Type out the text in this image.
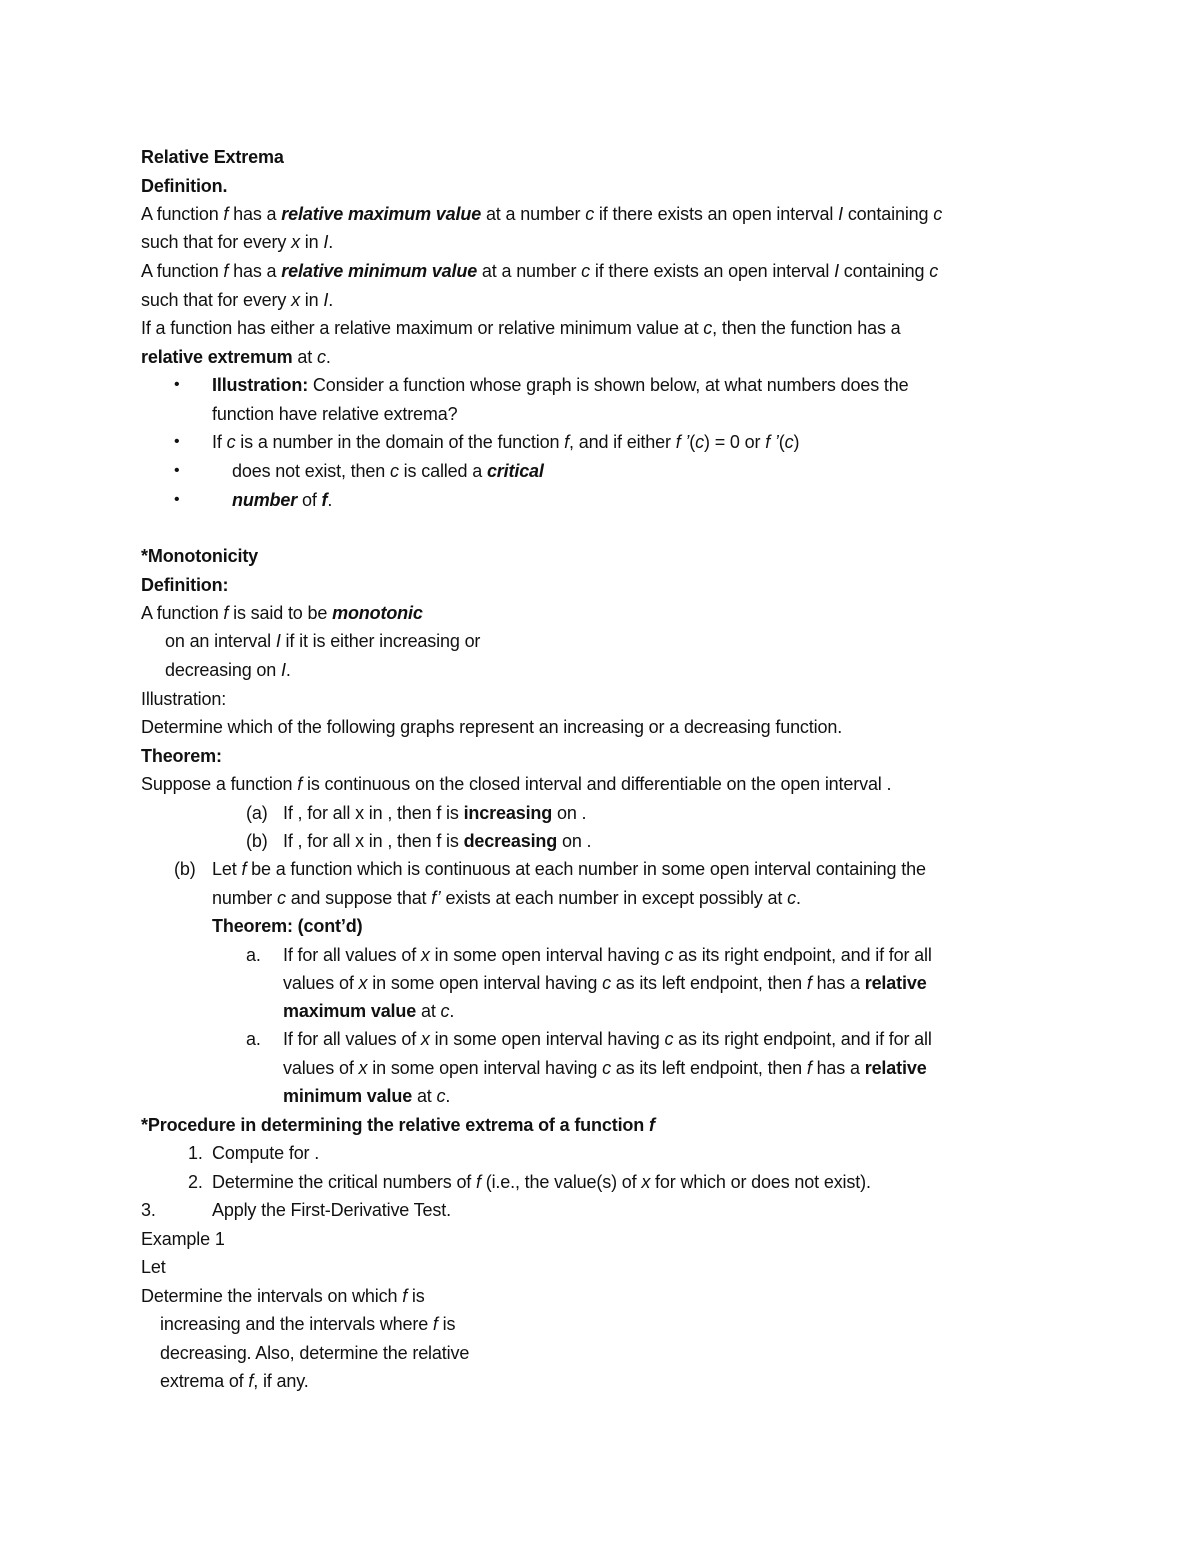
Relative Extrema
Definition.
A function f has a relative maximum value at a number c if there exists an open interval I containing c
such that for every x in I.
A function f has a relative minimum value at a number c if there exists an open interval I containing c
such that for every x in I.
If a function has either a relative maximum or relative minimum value at c, then the function has a
relative extremum at c.
• Illustration: Consider a function whose graph is shown below, at what numbers does the
function have relative extrema?
• If c is a number in the domain of the function f, and if either f ’(c) = 0 or f ’(c)
•	does not exist, then c is called a critical
•	number of f.
*Monotonicity
Definition:
A function f is said to be monotonic
on an interval I if it is either increasing or
decreasing on I.
Illustration:
Determine which of the following graphs represent an increasing or a decreasing function.
Theorem:
Suppose a function f is continuous on the closed interval and differentiable on the open interval .
(a) If , for all x in , then f is increasing on .
(b) If , for all x in , then f is decreasing on .
(b) Let f be a function which is continuous at each number in some open interval containing the
number c and suppose that f’ exists at each number in except possibly at c.
Theorem: (cont’d)
a. If for all values of x in some open interval having c as its right endpoint, and if for all
values of x in some open interval having c as its left endpoint, then f has a relative
maximum value at c.
a. If for all values of x in some open interval having c as its right endpoint, and if for all
values of x in some open interval having c as its left endpoint, then f has a relative
minimum value at c.
*Procedure in determining the relative extrema of a function f
1. Compute for .
2. Determine the critical numbers of f (i.e., the value(s) of x for which or does not exist).
3.	Apply the First-Derivative Test.
Example 1
Let
Determine the intervals on which f is
increasing and the intervals where f is
decreasing. Also, determine the relative
extrema of f, if any.
